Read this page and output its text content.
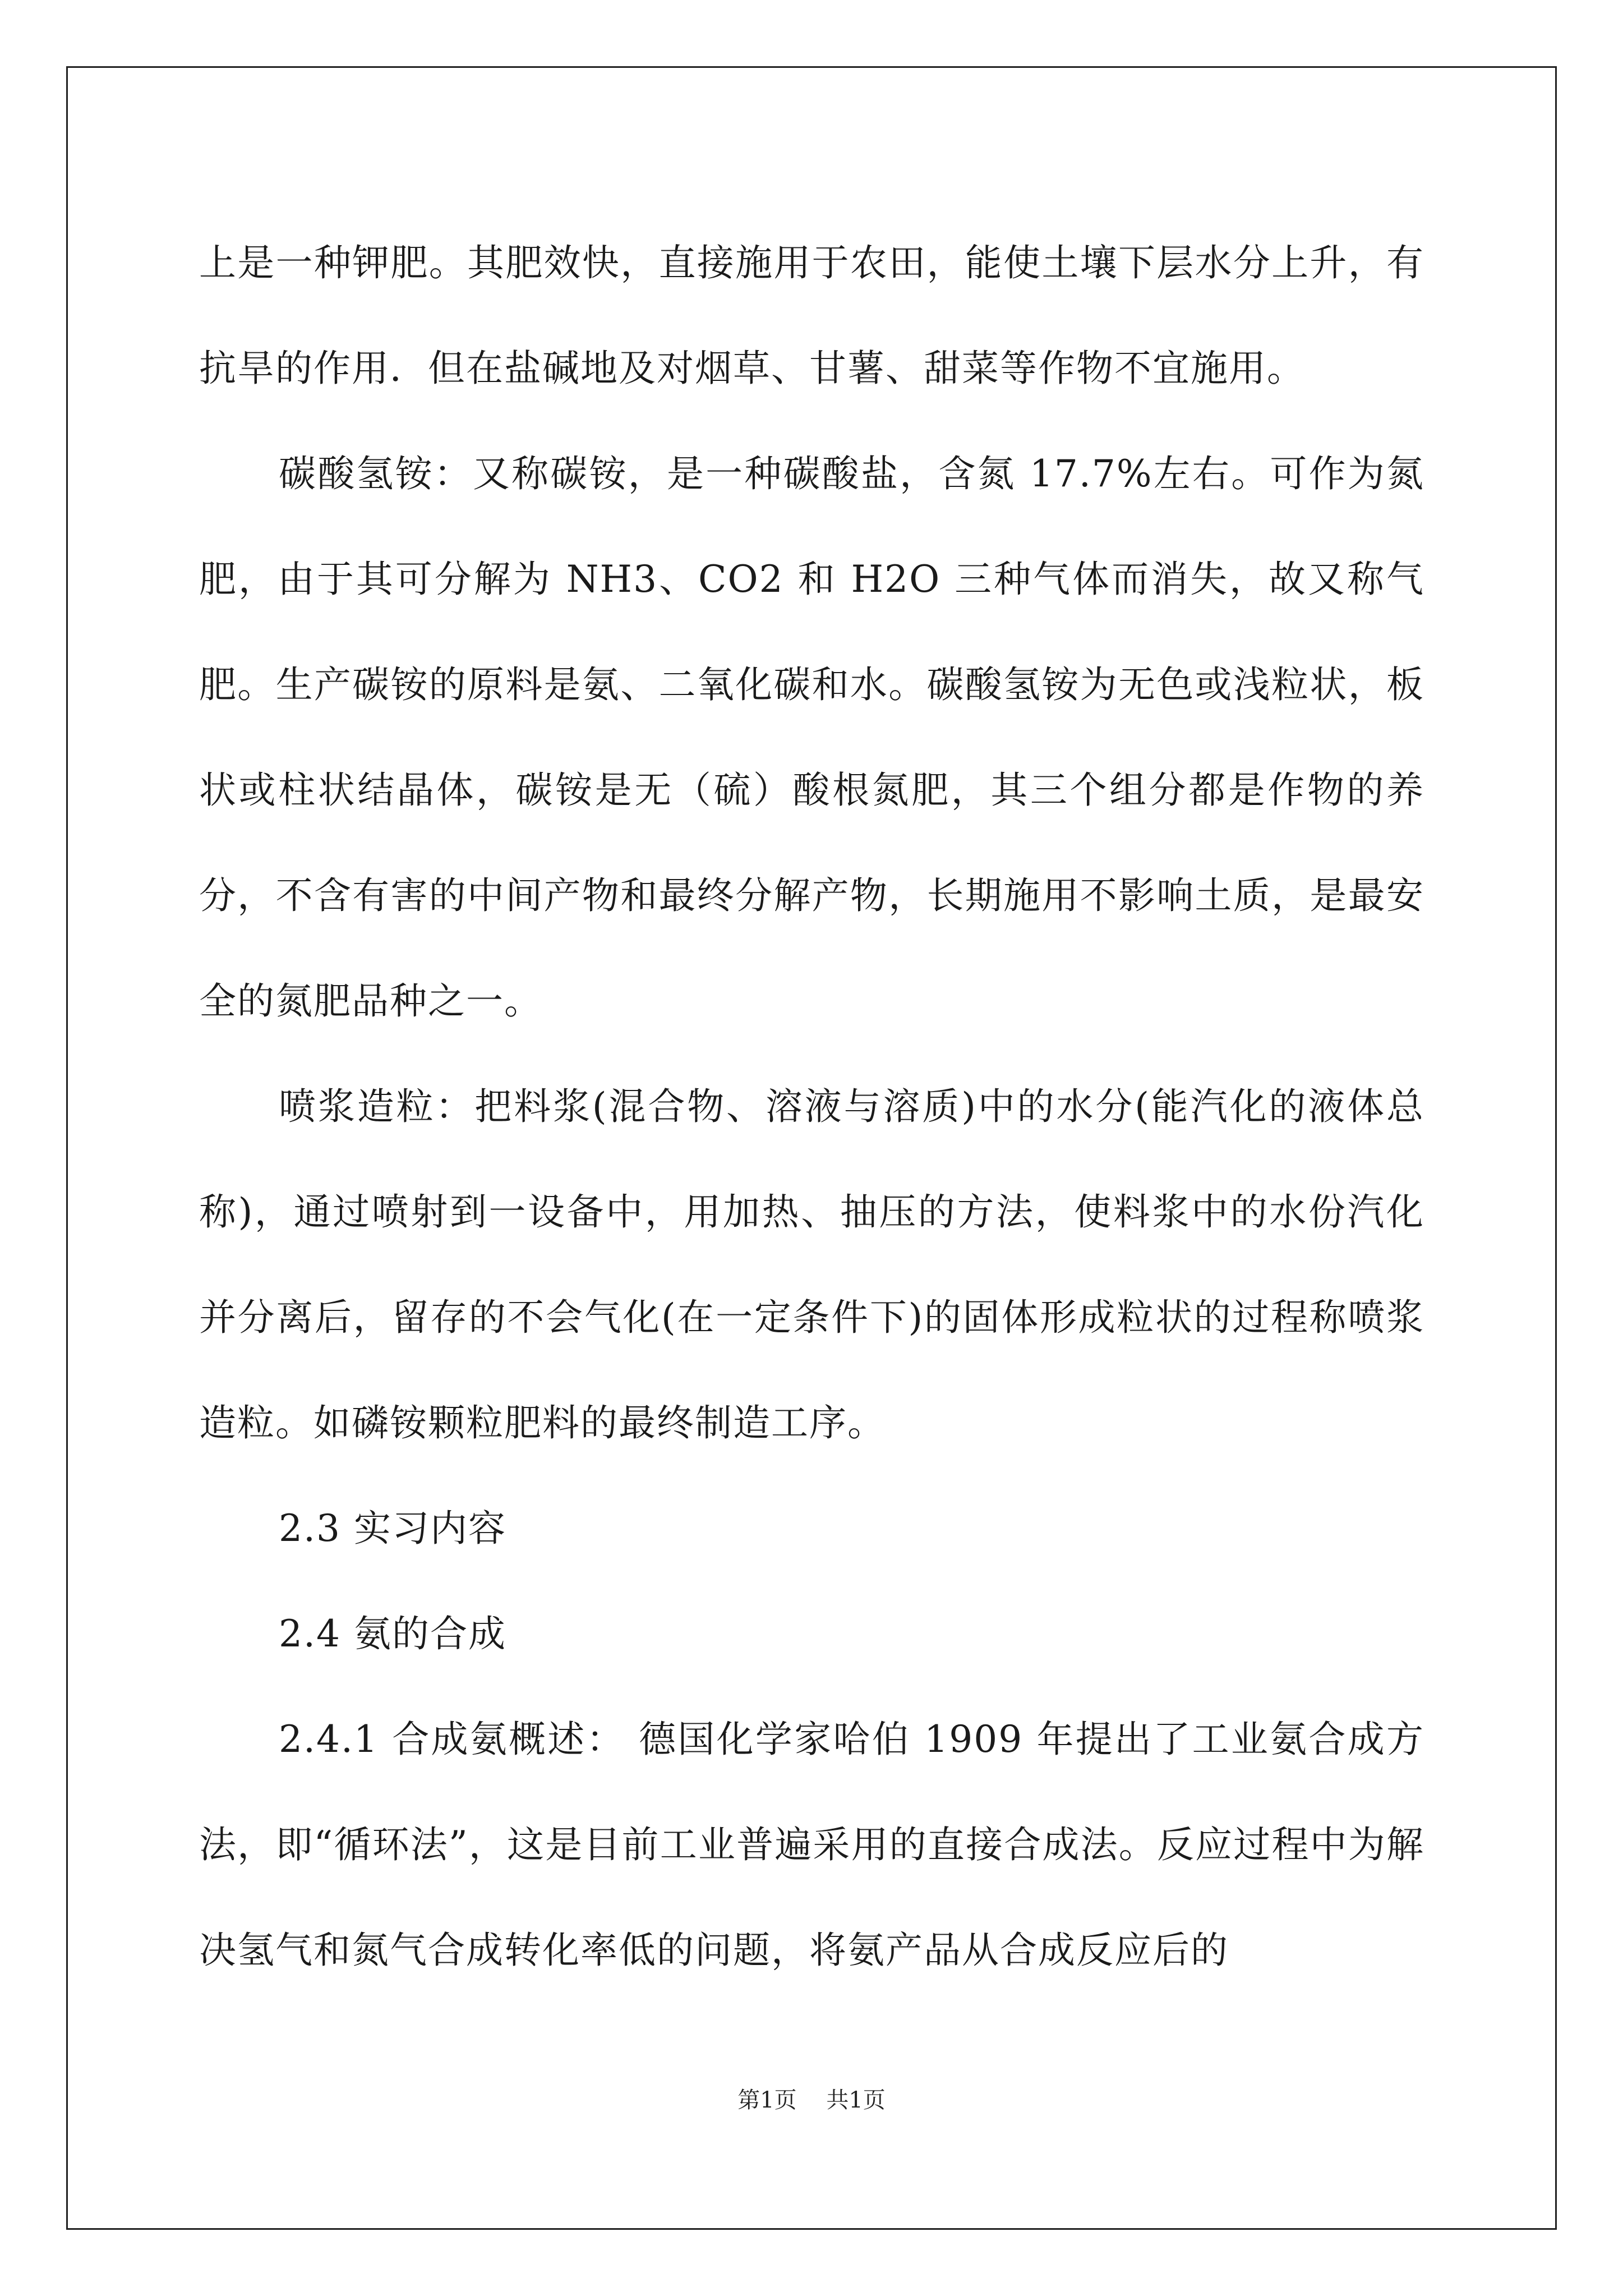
上是一种钾肥。其肥效快，直接施用于农田，能使土壤下层水分上升，有抗旱的作用．但在盐碱地及对烟草、甘薯、甜菜等作物不宜施用。

碳酸氢铵：又称碳铵，是一种碳酸盐，含氮 17.7%左右。可作为氮肥，由于其可分解为 NH3、CO2 和 H2O 三种气体而消失，故又称气肥。生产碳铵的原料是氨、二氧化碳和水。碳酸氢铵为无色或浅粒状，板状或柱状结晶体，碳铵是无（硫）酸根氮肥，其三个组分都是作物的养分，不含有害的中间产物和最终分解产物，长期施用不影响土质，是最安全的氮肥品种之一。

喷浆造粒：把料浆(混合物、溶液与溶质)中的水分(能汽化的液体总称)，通过喷射到一设备中，用加热、抽压的方法，使料浆中的水份汽化并分离后，留存的不会气化(在一定条件下)的固体形成粒状的过程称喷浆造粒。如磷铵颗粒肥料的最终制造工序。

2.3 实习内容

2.4 氨的合成

2.4.1 合成氨概述： 德国化学家哈伯 1909 年提出了工业氨合成方法，即“循环法”，这是目前工业普遍采用的直接合成法。反应过程中为解决氢气和氮气合成转化率低的问题，将氨产品从合成反应后的

第1页 共1页
